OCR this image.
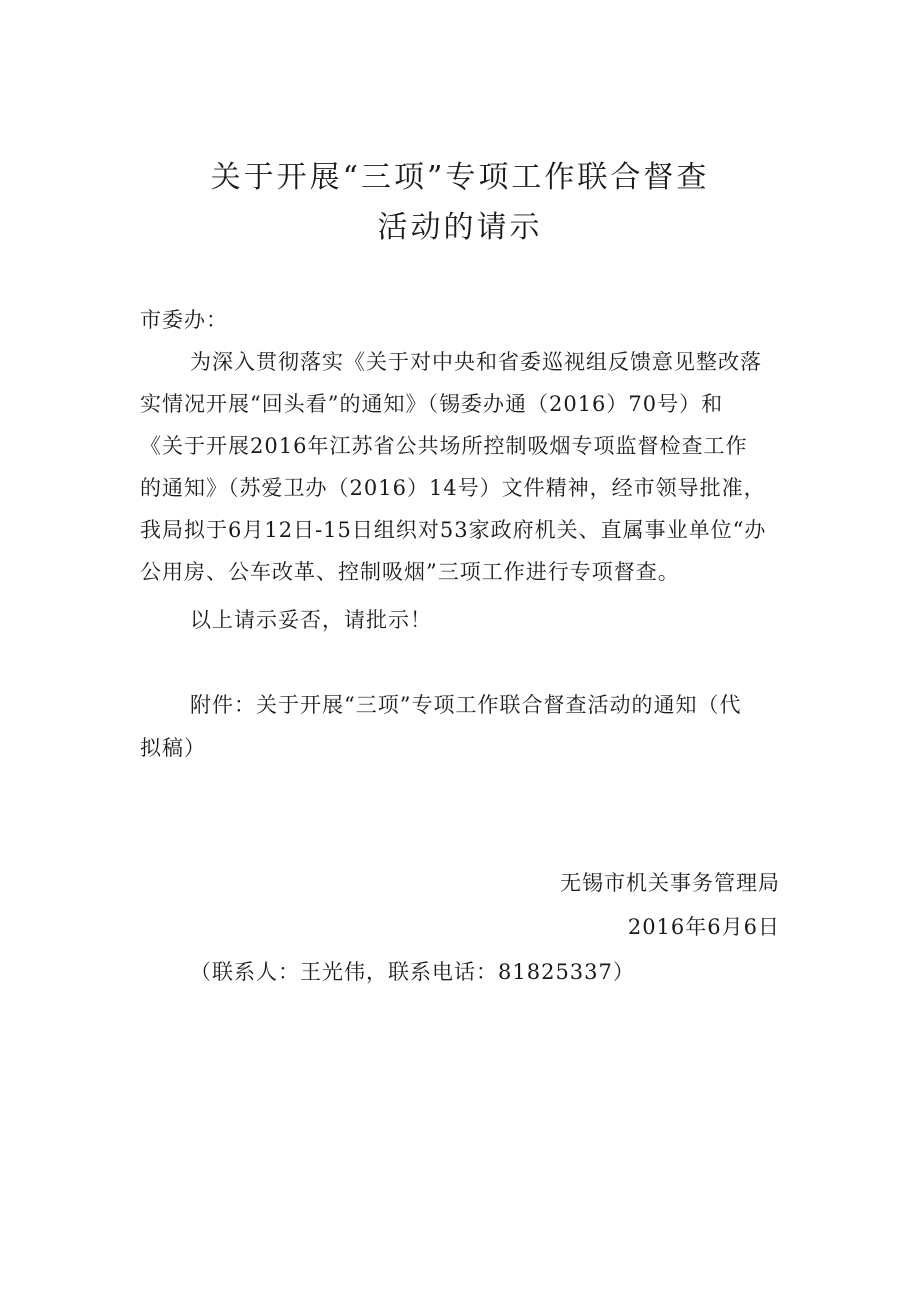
关于开展“三项”专项工作联合督查
活动的请示

市委办：

为深入贯彻落实《关于对中央和省委巡视组反馈意见整改落

实情况开展“回头看”的通知》（锡委办通（2016）70号）和

《关于开展2016年江苏省公共场所控制吸烟专项监督检查工作

的通知》（苏爱卫办（2016）14号）文件精神，经市领导批准，

我局拟于6月12日-15日组织对53家政府机关、直属事业单位“办

公用房、公车改革、控制吸烟”三项工作进行专项督查。

以上请示妥否，请批示！

附件：关于开展“三项”专项工作联合督查活动的通知（代

拟稿）

无锡市机关事务管理局

2016年6月6日

（联系人：王光伟，联系电话：81825337）
